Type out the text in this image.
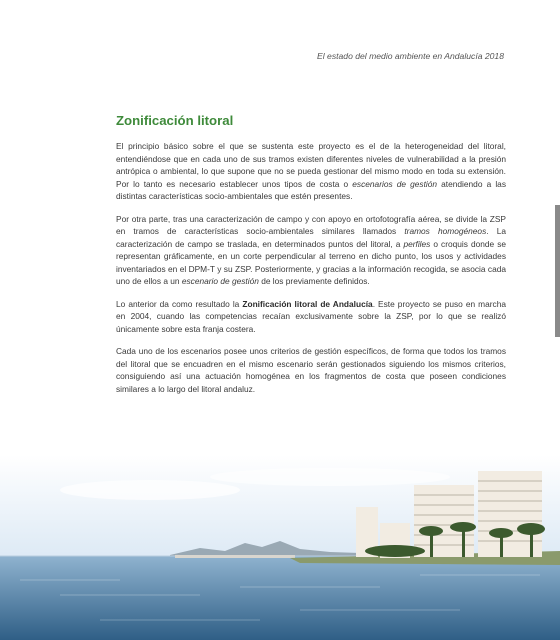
El estado del medio ambiente en Andalucía 2018
Zonificación litoral

El principio básico sobre el que se sustenta este proyecto es el de la heterogeneidad del litoral, entendiéndose que en cada uno de sus tramos existen diferentes niveles de vulnerabilidad a la presión antrópica o ambiental, lo que supone que no se pueda gestionar del mismo modo en toda su extensión. Por lo tanto es necesario establecer unos tipos de costa o escenarios de gestión atendiendo a las distintas características socio-ambientales que estén presentes.

Por otra parte, tras una caracterización de campo y con apoyo en ortofotografía aérea, se divide la ZSP en tramos de características socio-ambientales similares llamados tramos homogéneos. La caracterización de campo se traslada, en determinados puntos del litoral, a perfiles o croquis donde se representan gráficamente, en un corte perpendicular al terreno en dicho punto, los usos y actividades inventariados en el DPM-T y su ZSP. Posteriormente, y gracias a la información recogida, se asocia cada uno de ellos a un escenario de gestión de los previamente definidos.

Lo anterior da como resultado la Zonificación litoral de Andalucía. Este proyecto se puso en marcha en 2004, cuando las competencias recaían exclusivamente sobre la ZSP, por lo que se realizó únicamente sobre esta franja costera.

Cada uno de los escenarios posee unos criterios de gestión específicos, de forma que todos los tramos del litoral que se encuadren en el mismo escenario serán gestionados siguiendo los mismos criterios, consiguiendo así una actuación homogénea en los fragmentos de costa que poseen condiciones similares a lo largo del litoral andaluz.
